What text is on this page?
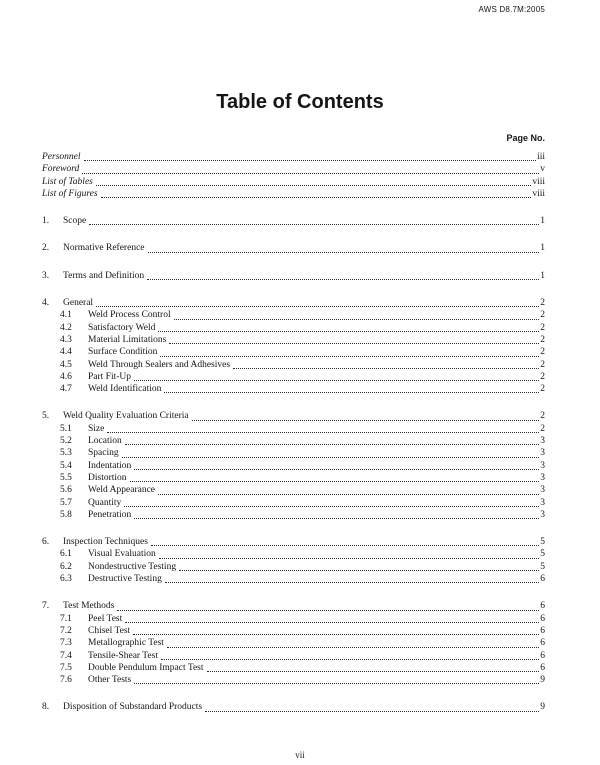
AWS D8.7M:2005
Table of Contents
Page No.
Personnel	iii
Foreword	v
List of Tables	viii
List of Figures	viii
1.	Scope	1
2.	Normative Reference	1
3.	Terms and Definition	1
4.	General	2
4.1	Weld Process Control	2
4.2	Satisfactory Weld	2
4.3	Material Limitations	2
4.4	Surface Condition	2
4.5	Weld Through Sealers and Adhesives	2
4.6	Part Fit-Up	2
4.7	Weld Identification	2
5.	Weld Quality Evaluation Criteria	2
5.1	Size	2
5.2	Location	3
5.3	Spacing	3
5.4	Indentation	3
5.5	Distortion	3
5.6	Weld Appearance	3
5.7	Quantity	3
5.8	Penetration	3
6.	Inspection Techniques	5
6.1	Visual Evaluation	5
6.2	Nondestructive Testing	5
6.3	Destructive Testing	6
7.	Test Methods	6
7.1	Peel Test	6
7.2	Chisel Test	6
7.3	Metallographic Test	6
7.4	Tensile-Shear Test	6
7.5	Double Pendulum Impact Test	6
7.6	Other Tests	9
8.	Disposition of Substandard Products	9
vii
